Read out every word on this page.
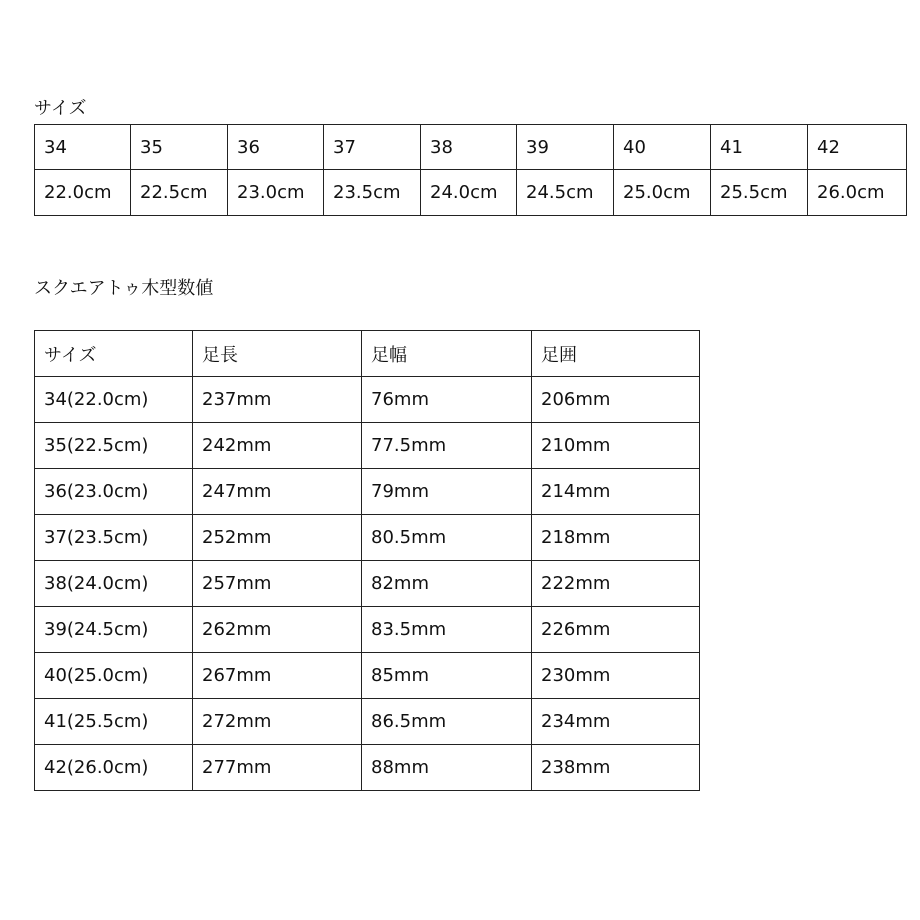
サイズ
34	35	36	37	38	39	40	41	42
22.0cm	22.5cm	23.0cm	23.5cm	24.0cm	24.5cm	25.0cm	25.5cm	26.0cm
スクエアトゥ木型数値
サイズ	足長	足幅	足囲
34(22.0cm)	237mm	76mm	206mm
35(22.5cm)	242mm	77.5mm	210mm
36(23.0cm)	247mm	79mm	214mm
37(23.5cm)	252mm	80.5mm	218mm
38(24.0cm)	257mm	82mm	222mm
39(24.5cm)	262mm	83.5mm	226mm
40(25.0cm)	267mm	85mm	230mm
41(25.5cm)	272mm	86.5mm	234mm
42(26.0cm)	277mm	88mm	238mm
